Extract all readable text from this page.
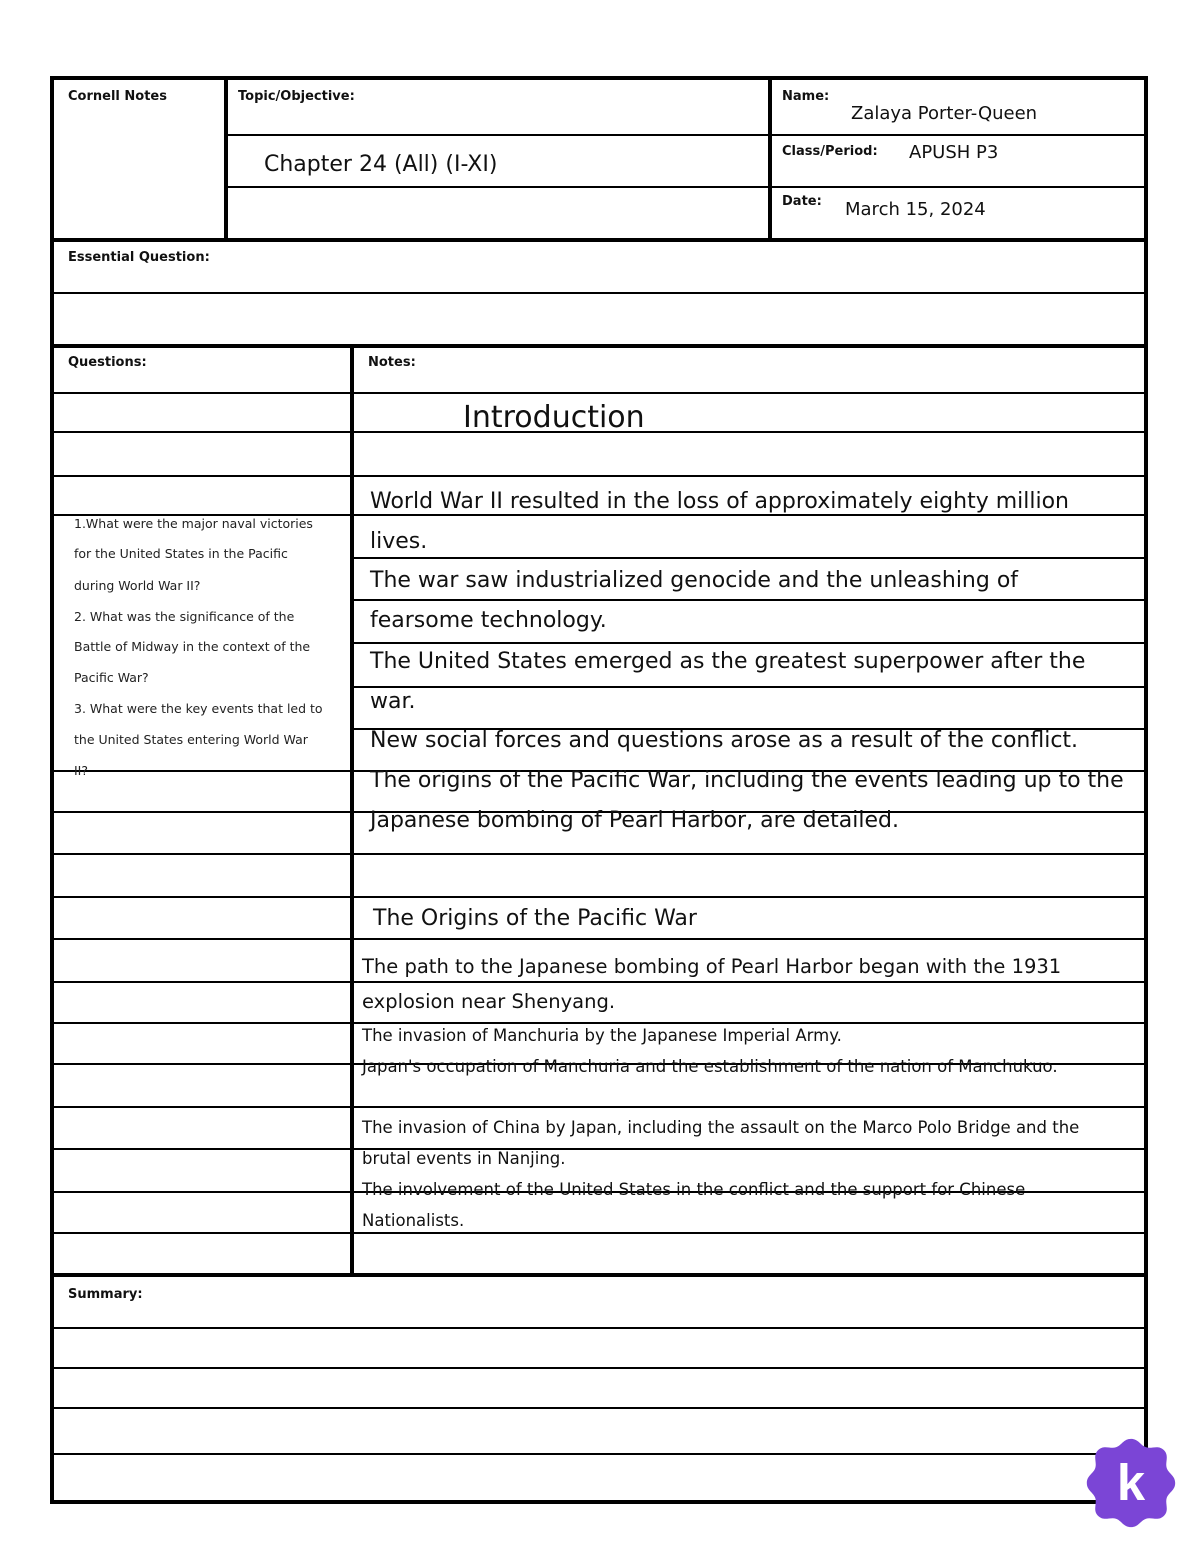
Cornell Notes	Topic/Objective:
Chapter 24 (All) (I-XI)
Name:
Zalaya Porter-Queen
Class/Period: APUSH P3
Date: March 15, 2024
Essential Question:
Questions:	Notes:
1.What were the major naval victories
for the United States in the Pacific
during World War II?
2. What was the significance of the
Battle of Midway in the context of the
Pacific War?
3. What were the key events that led to
the United States entering World War
II?
Introduction
World War II resulted in the loss of approximately eighty million
lives.
The war saw industrialized genocide and the unleashing of
fearsome technology.
The United States emerged as the greatest superpower after the
war.
New social forces and questions arose as a result of the conflict.
The origins of the Pacific War, including the events leading up to the
Japanese bombing of Pearl Harbor, are detailed.
The Origins of the Pacific War
The path to the Japanese bombing of Pearl Harbor began with the 1931
explosion near Shenyang.
The invasion of Manchuria by the Japanese Imperial Army.
Japan's occupation of Manchuria and the establishment of the nation of Manchukuo.
The invasion of China by Japan, including the assault on the Marco Polo Bridge and the
brutal events in Nanjing.
The involvement of the United States in the conflict and the support for Chinese
Nationalists.
Summary:
k
